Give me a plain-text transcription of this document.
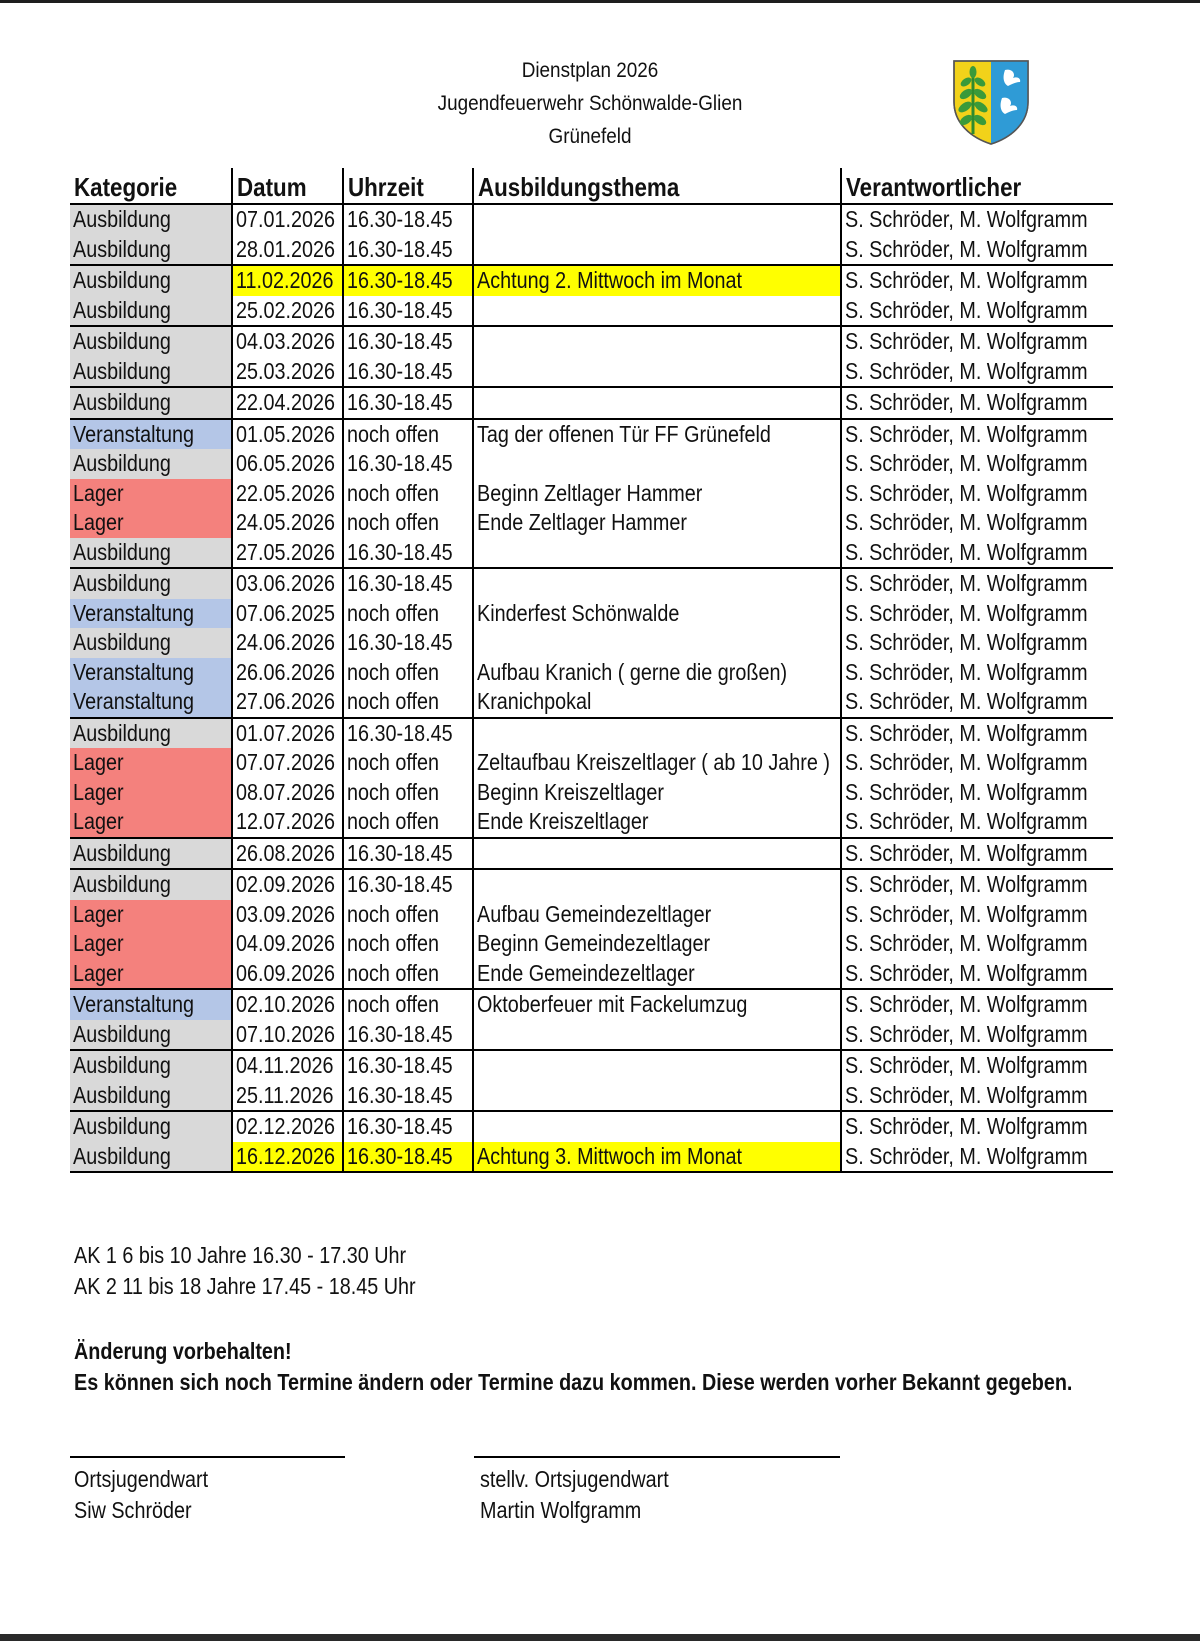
Dienstplan 2026
Jugendfeuerwehr Schönwalde-Glien
Grünefeld
Kategorie	Datum	Uhrzeit	Ausbildungsthema	Verantwortlicher
Ausbildung	07.01.2026	16.30-18.45		S. Schröder, M. Wolfgramm
Ausbildung	28.01.2026	16.30-18.45		S. Schröder, M. Wolfgramm
Ausbildung	11.02.2026	16.30-18.45	Achtung 2. Mittwoch im Monat	S. Schröder, M. Wolfgramm
Ausbildung	25.02.2026	16.30-18.45		S. Schröder, M. Wolfgramm
Ausbildung	04.03.2026	16.30-18.45		S. Schröder, M. Wolfgramm
Ausbildung	25.03.2026	16.30-18.45		S. Schröder, M. Wolfgramm
Ausbildung	22.04.2026	16.30-18.45		S. Schröder, M. Wolfgramm
Veranstaltung	01.05.2026	noch offen	Tag der offenen Tür FF Grünefeld	S. Schröder, M. Wolfgramm
Ausbildung	06.05.2026	16.30-18.45		S. Schröder, M. Wolfgramm
Lager	22.05.2026	noch offen	Beginn Zeltlager Hammer	S. Schröder, M. Wolfgramm
Lager	24.05.2026	noch offen	Ende Zeltlager Hammer	S. Schröder, M. Wolfgramm
Ausbildung	27.05.2026	16.30-18.45		S. Schröder, M. Wolfgramm
Ausbildung	03.06.2026	16.30-18.45		S. Schröder, M. Wolfgramm
Veranstaltung	07.06.2025	noch offen	Kinderfest Schönwalde	S. Schröder, M. Wolfgramm
Ausbildung	24.06.2026	16.30-18.45		S. Schröder, M. Wolfgramm
Veranstaltung	26.06.2026	noch offen	Aufbau Kranich ( gerne die großen)	S. Schröder, M. Wolfgramm
Veranstaltung	27.06.2026	noch offen	Kranichpokal	S. Schröder, M. Wolfgramm
Ausbildung	01.07.2026	16.30-18.45		S. Schröder, M. Wolfgramm
Lager	07.07.2026	noch offen	Zeltaufbau Kreiszeltlager ( ab 10 Jahre )	S. Schröder, M. Wolfgramm
Lager	08.07.2026	noch offen	Beginn Kreiszeltlager	S. Schröder, M. Wolfgramm
Lager	12.07.2026	noch offen	Ende Kreiszeltlager	S. Schröder, M. Wolfgramm
Ausbildung	26.08.2026	16.30-18.45		S. Schröder, M. Wolfgramm
Ausbildung	02.09.2026	16.30-18.45		S. Schröder, M. Wolfgramm
Lager	03.09.2026	noch offen	Aufbau Gemeindezeltlager	S. Schröder, M. Wolfgramm
Lager	04.09.2026	noch offen	Beginn Gemeindezeltlager	S. Schröder, M. Wolfgramm
Lager	06.09.2026	noch offen	Ende Gemeindezeltlager	S. Schröder, M. Wolfgramm
Veranstaltung	02.10.2026	noch offen	Oktoberfeuer mit Fackelumzug	S. Schröder, M. Wolfgramm
Ausbildung	07.10.2026	16.30-18.45		S. Schröder, M. Wolfgramm
Ausbildung	04.11.2026	16.30-18.45		S. Schröder, M. Wolfgramm
Ausbildung	25.11.2026	16.30-18.45		S. Schröder, M. Wolfgramm
Ausbildung	02.12.2026	16.30-18.45		S. Schröder, M. Wolfgramm
Ausbildung	16.12.2026	16.30-18.45	Achtung 3. Mittwoch im Monat	S. Schröder, M. Wolfgramm
AK 1 6 bis 10 Jahre 16.30 - 17.30 Uhr
AK 2 11 bis 18 Jahre 17.45 - 18.45 Uhr
Änderung vorbehalten!
Es können sich noch Termine ändern oder Termine dazu kommen. Diese werden vorher Bekannt gegeben.
Ortsjugendwart
Siw Schröder
stellv. Ortsjugendwart
Martin Wolfgramm
